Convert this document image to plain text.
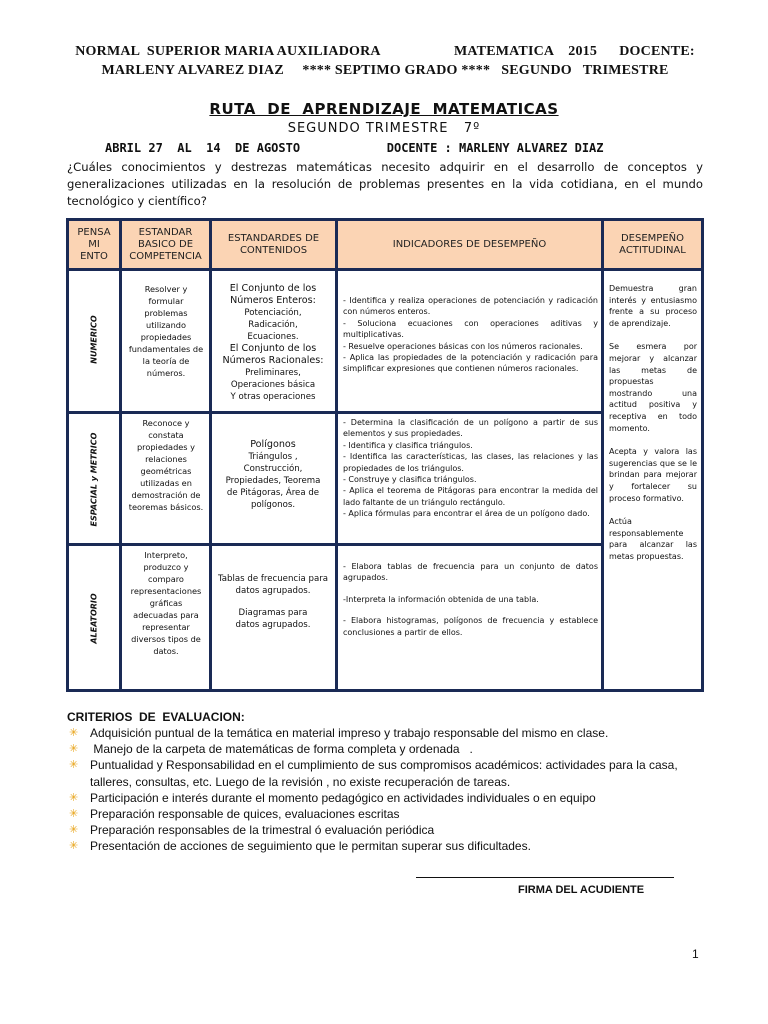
NORMAL  SUPERIOR MARIA AUXILIADORA                    MATEMATICA    2015      DOCENTE:
MARLENY ALVAREZ DIAZ     **** SEPTIMO GRADO ****   SEGUNDO   TRIMESTRE
RUTA  DE  APRENDIZAJE  MATEMATICAS
SEGUNDO TRIMESTRE   7º
ABRIL 27  AL  14  DE AGOSTO            DOCENTE : MARLENY ALVAREZ DIAZ
¿Cuáles conocimientos y destrezas matemáticas necesito adquirir en el desarrollo de conceptos y generalizaciones utilizadas en la resolución de problemas presentes en la vida cotidiana, en el mundo tecnológico y científico?
PENSA MI ENTO
ESTANDAR BASICO DE COMPETENCIA
ESTANDARDES DE CONTENIDOS
INDICADORES DE DESEMPEÑO
DESEMPEÑO ACTITUDINAL
NUMERICO
Resolver y formular problemas utilizando propiedades fundamentales de la teoría de números.
El Conjunto de los Números Enteros:
Potenciación, Radicación, Ecuaciones.
El Conjunto de los Números Racionales:
Preliminares, Operaciones básica Y otras operaciones
- Identifica y realiza operaciones de potenciación y radicación con números enteros.
- Soluciona ecuaciones con operaciones aditivas y multiplicativas.
- Resuelve operaciones básicas con los números racionales.
- Aplica las propiedades de la potenciación y radicación para simplificar expresiones que contienen números racionales.
ESPACIAL y METRICO
Reconoce y constata propiedades y relaciones geométricas utilizadas en demostración de teoremas básicos.
Polígonos
Triángulos , Construcción, Propiedades, Teorema de Pitágoras, Área de polígonos.
- Determina la clasificación de un polígono a partir de sus elementos y sus propiedades.
- Identifica y clasifica triángulos.
- Identifica las características, las clases, las relaciones y las propiedades de los triángulos.
- Construye y clasifica triángulos.
- Aplica el teorema de Pitágoras para encontrar la medida del lado faltante de un triángulo rectángulo.
- Aplica fórmulas para encontrar el área de un polígono dado.
ALEATORIO
Interpreto, produzco y comparo representaciones gráficas adecuadas para representar diversos tipos de datos.
Tablas de frecuencia para datos agrupados.
Diagramas para datos agrupados.
- Elabora tablas de frecuencia para un conjunto de datos agrupados.
-Interpreta la información obtenida de una tabla.
- Elabora histogramas, polígonos de frecuencia y establece conclusiones a partir de ellos.
Demuestra gran interés y entusiasmo frente a su proceso de aprendizaje.
Se esmera por mejorar y alcanzar las metas de propuestas mostrando una actitud positiva y receptiva en todo momento.
Acepta y valora las sugerencias que se le brindan para mejorar y fortalecer su proceso formativo.
Actúa responsablemente para alcanzar las metas propuestas.
CRITERIOS  DE  EVALUACION:
✳ Adquisición puntual de la temática en material impreso y trabajo responsable del mismo en clase.
✳ Manejo de la carpeta de matemáticas de forma completa y ordenada   .
✳ Puntualidad y Responsabilidad en el cumplimiento de sus compromisos académicos: actividades para la casa, talleres, consultas, etc. Luego de la revisión , no existe recuperación de tareas.
✳ Participación e interés durante el momento pedagógico en actividades individuales o en equipo
✳ Preparación responsable de quices, evaluaciones escritas
✳ Preparación responsables de la trimestral ó evaluación periódica
✳ Presentación de acciones de seguimiento que le permitan superar sus dificultades.
FIRMA DEL ACUDIENTE
1
